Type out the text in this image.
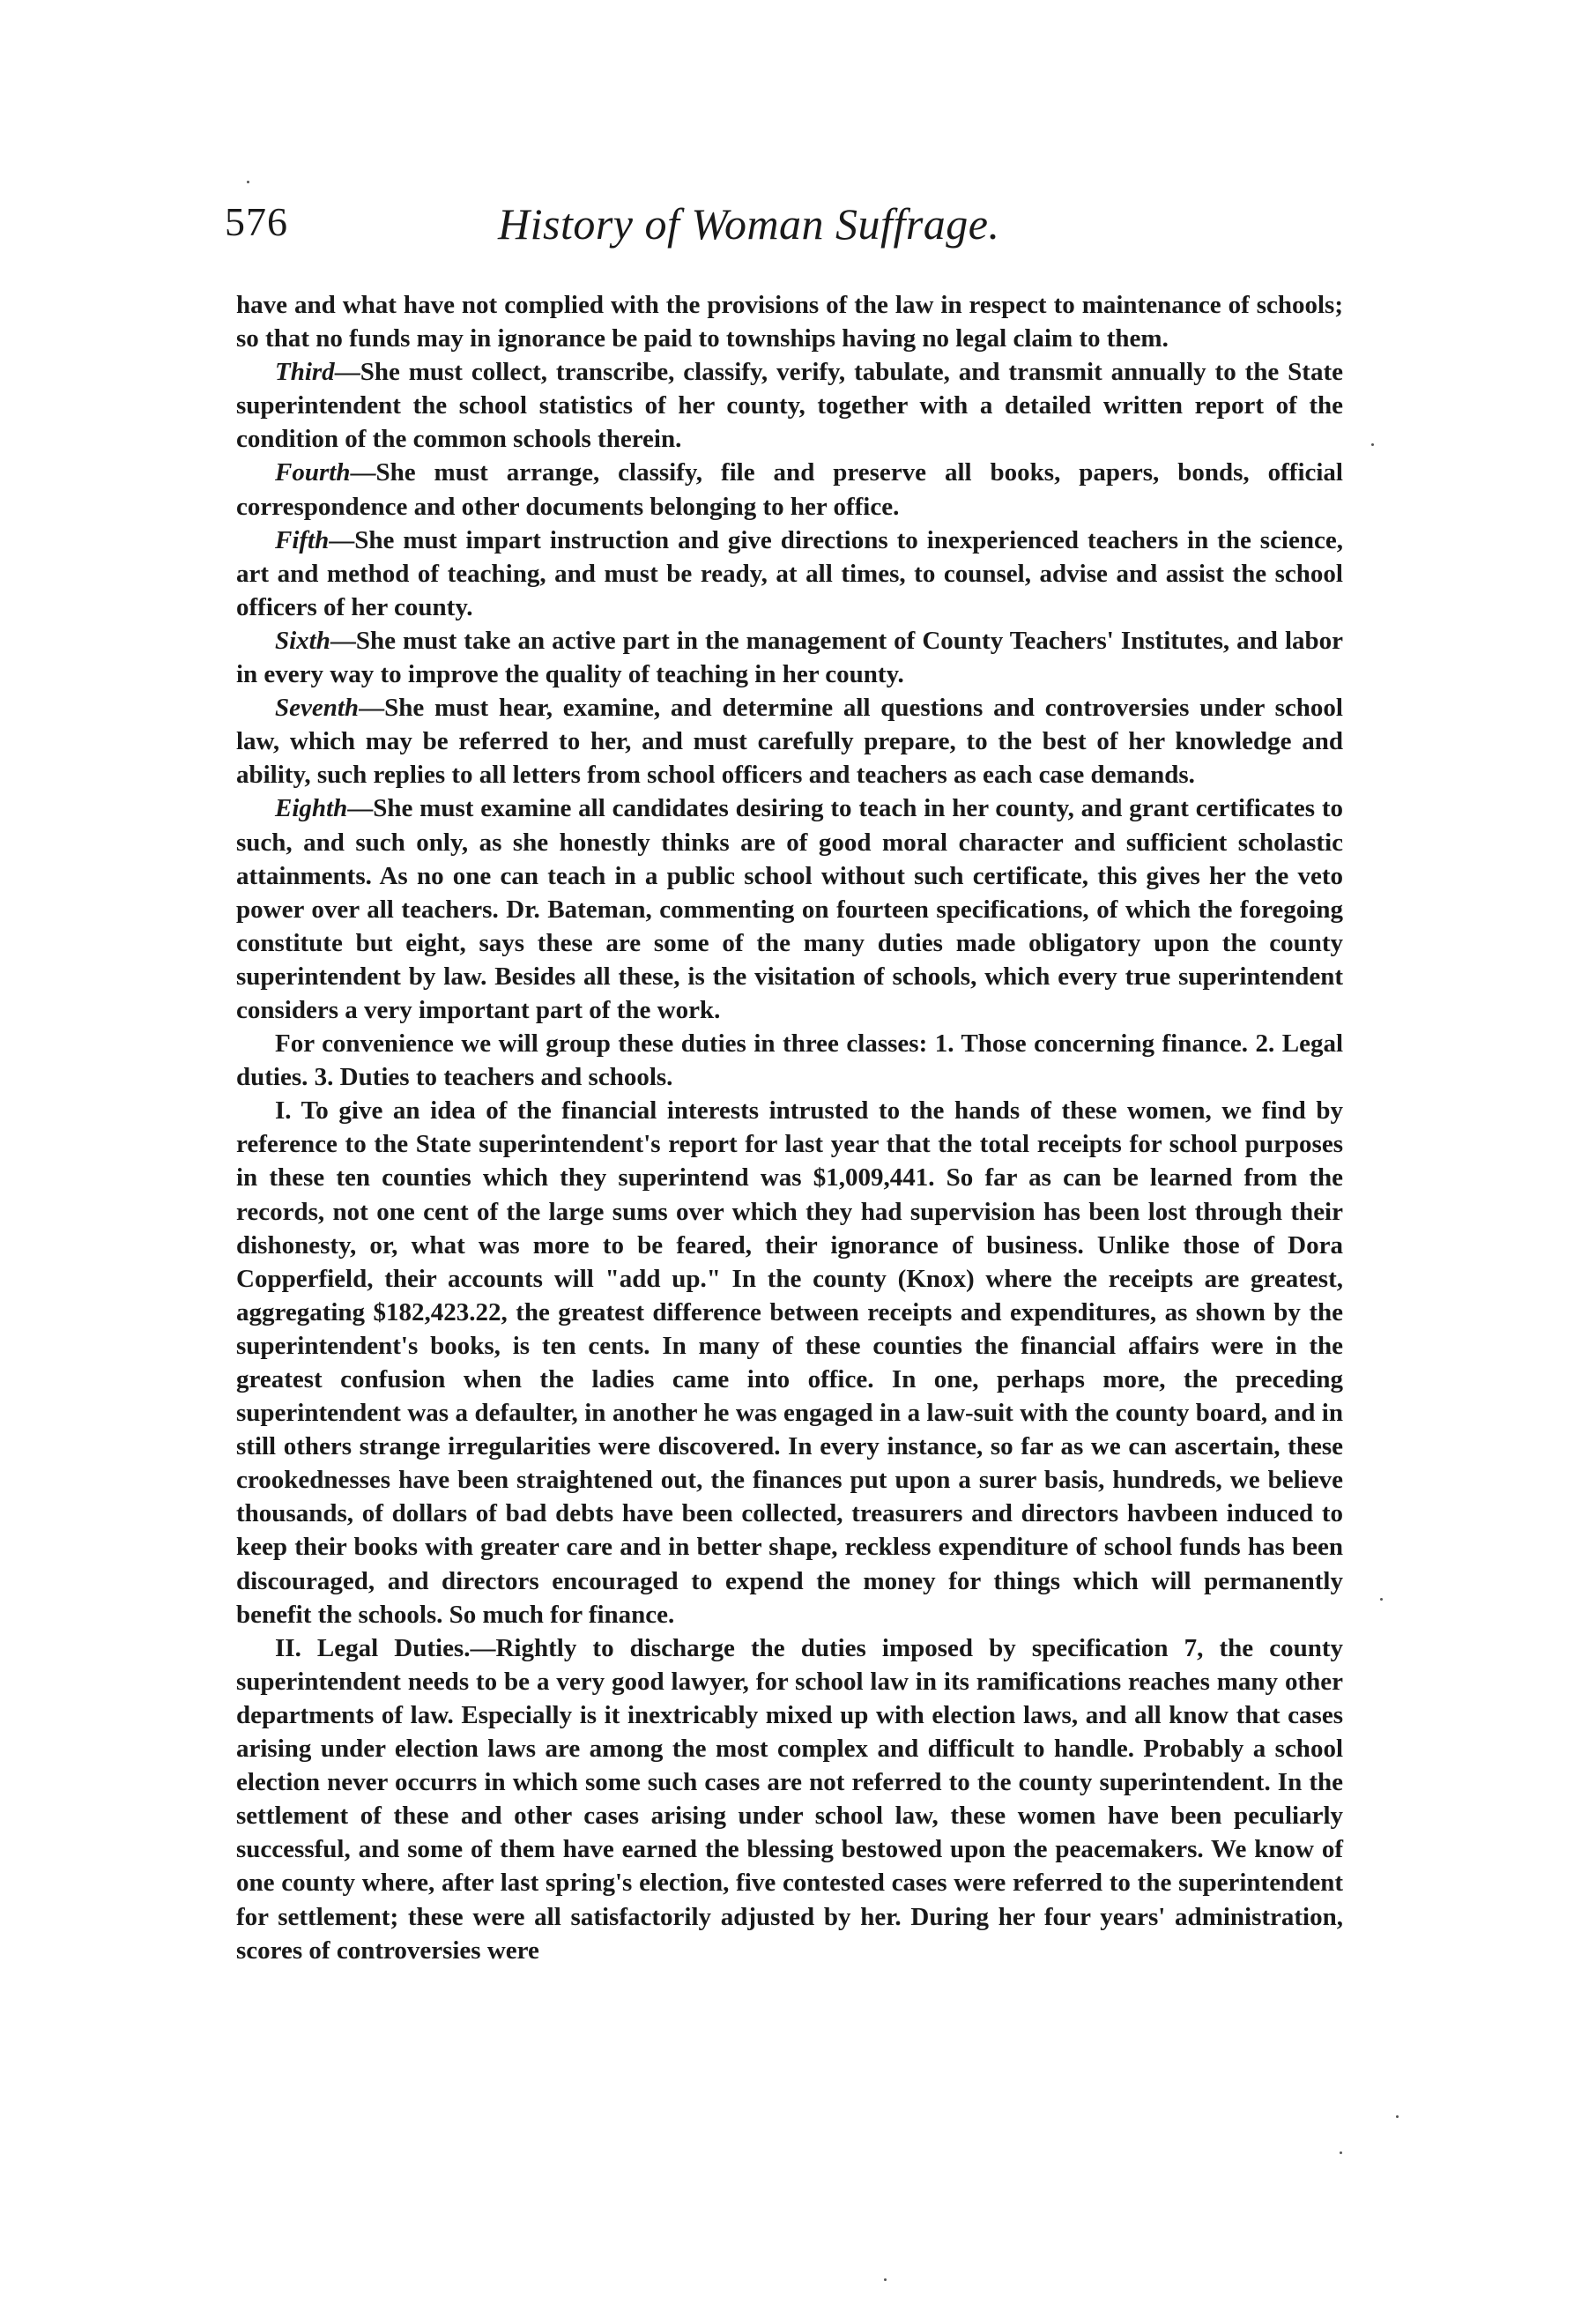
576	History of Woman Suffrage.

have and what have not complied with the provisions of the law in respect to maintenance of schools; so that no funds may in ignorance be paid to townships having no legal claim to them.

Third—She must collect, transcribe, classify, verify, tabulate, and transmit annually to the State superintendent the school statistics of her county, together with a detailed written report of the condition of the common schools therein.

Fourth—She must arrange, classify, file and preserve all books, papers, bonds, official correspondence and other documents belonging to her office.

Fifth—She must impart instruction and give directions to inexperienced teachers in the science, art and method of teaching, and must be ready, at all times, to counsel, advise and assist the school officers of her county.

Sixth—She must take an active part in the management of County Teachers' Institutes, and labor in every way to improve the quality of teaching in her county.

Seventh—She must hear, examine, and determine all questions and controversies under school law, which may be referred to her, and must carefully prepare, to the best of her knowledge and ability, such replies to all letters from school officers and teachers as each case demands.

Eighth—She must examine all candidates desiring to teach in her county, and grant certificates to such, and such only, as she honestly thinks are of good moral character and sufficient scholastic attainments. As no one can teach in a public school without such certificate, this gives her the veto power over all teachers. Dr. Bateman, commenting on fourteen specifications, of which the foregoing constitute but eight, says these are some of the many duties made obligatory upon the county superintendent by law. Besides all these, is the visitation of schools, which every true superintendent considers a very important part of the work.

For convenience we will group these duties in three classes: 1. Those concerning finance. 2. Legal duties. 3. Duties to teachers and schools.

I. To give an idea of the financial interests intrusted to the hands of these women, we find by reference to the State superintendent's report for last year that the total receipts for school purposes in these ten counties which they superintend was $1,009,441. So far as can be learned from the records, not one cent of the large sums over which they had supervision has been lost through their dishonesty, or, what was more to be feared, their ignorance of business. Unlike those of Dora Copperfield, their accounts will "add up." In the county (Knox) where the receipts are greatest, aggregating $182,423.22, the greatest difference between receipts and expenditures, as shown by the superintendent's books, is ten cents. In many of these counties the financial affairs were in the greatest confusion when the ladies came into office. In one, perhaps more, the preceding superintendent was a defaulter, in another he was engaged in a law-suit with the county board, and in still others strange irregularities were discovered. In every instance, so far as we can ascertain, these crookednesses have been straightened out, the finances put upon a surer basis, hundreds, we believe thousands, of dollars of bad debts have been collected, treasurers and directors havbeen induced to keep their books with greater care and in better shape, reckless expenditure of school funds has been discouraged, and directors encouraged to expend the money for things which will permanently benefit the schools. So much for finance.

II. Legal Duties.—Rightly to discharge the duties imposed by specification 7, the county superintendent needs to be a very good lawyer, for school law in its ramifications reaches many other departments of law. Especially is it inextricably mixed up with election laws, and all know that cases arising under election laws are among the most complex and difficult to handle. Probably a school election never occurrs in which some such cases are not referred to the county superintendent. In the settlement of these and other cases arising under school law, these women have been peculiarly successful, and some of them have earned the blessing bestowed upon the peacemakers. We know of one county where, after last spring's election, five contested cases were referred to the superintendent for settlement; these were all satisfactorily adjusted by her. During her four years' administration, scores of controversies were
